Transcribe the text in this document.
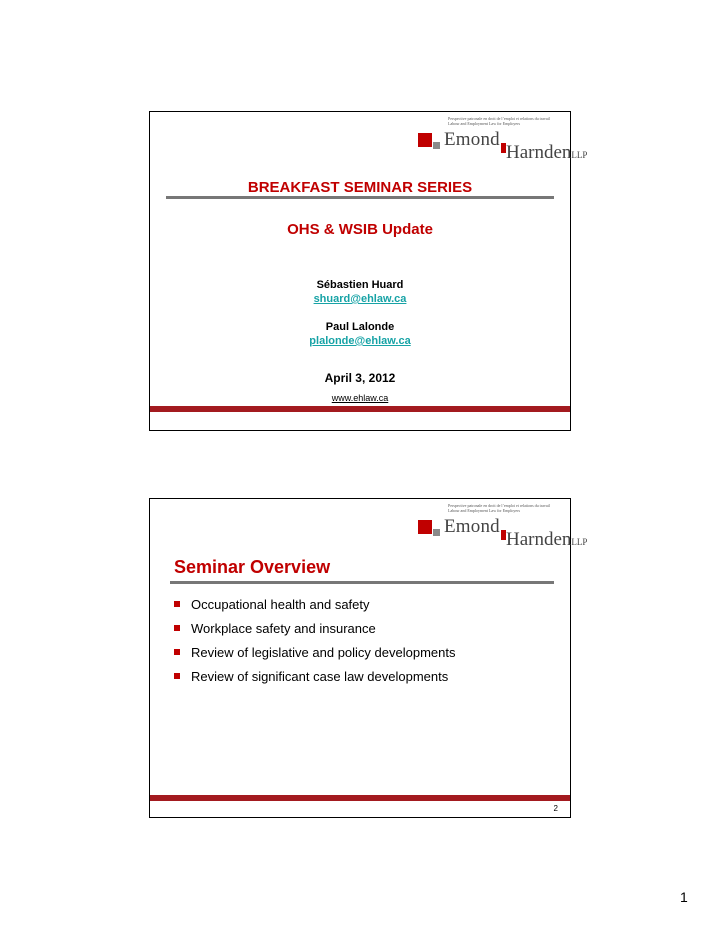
Perspective patronale en droit de l’emploi et relations du travail
Labour and Employment Law for Employers
Emond
HarndenLLP
BREAKFAST SEMINAR SERIES
OHS & WSIB Update
Sébastien Huard
shuard@ehlaw.ca
Paul Lalonde
plalonde@ehlaw.ca
April 3, 2012
www.ehlaw.ca
Perspective patronale en droit de l’emploi et relations du travail
Labour and Employment Law for Employers
Emond
HarndenLLP
Seminar Overview
Occupational health and safety
Workplace safety and insurance
Review of legislative and policy developments
Review of significant case law developments
2
1
